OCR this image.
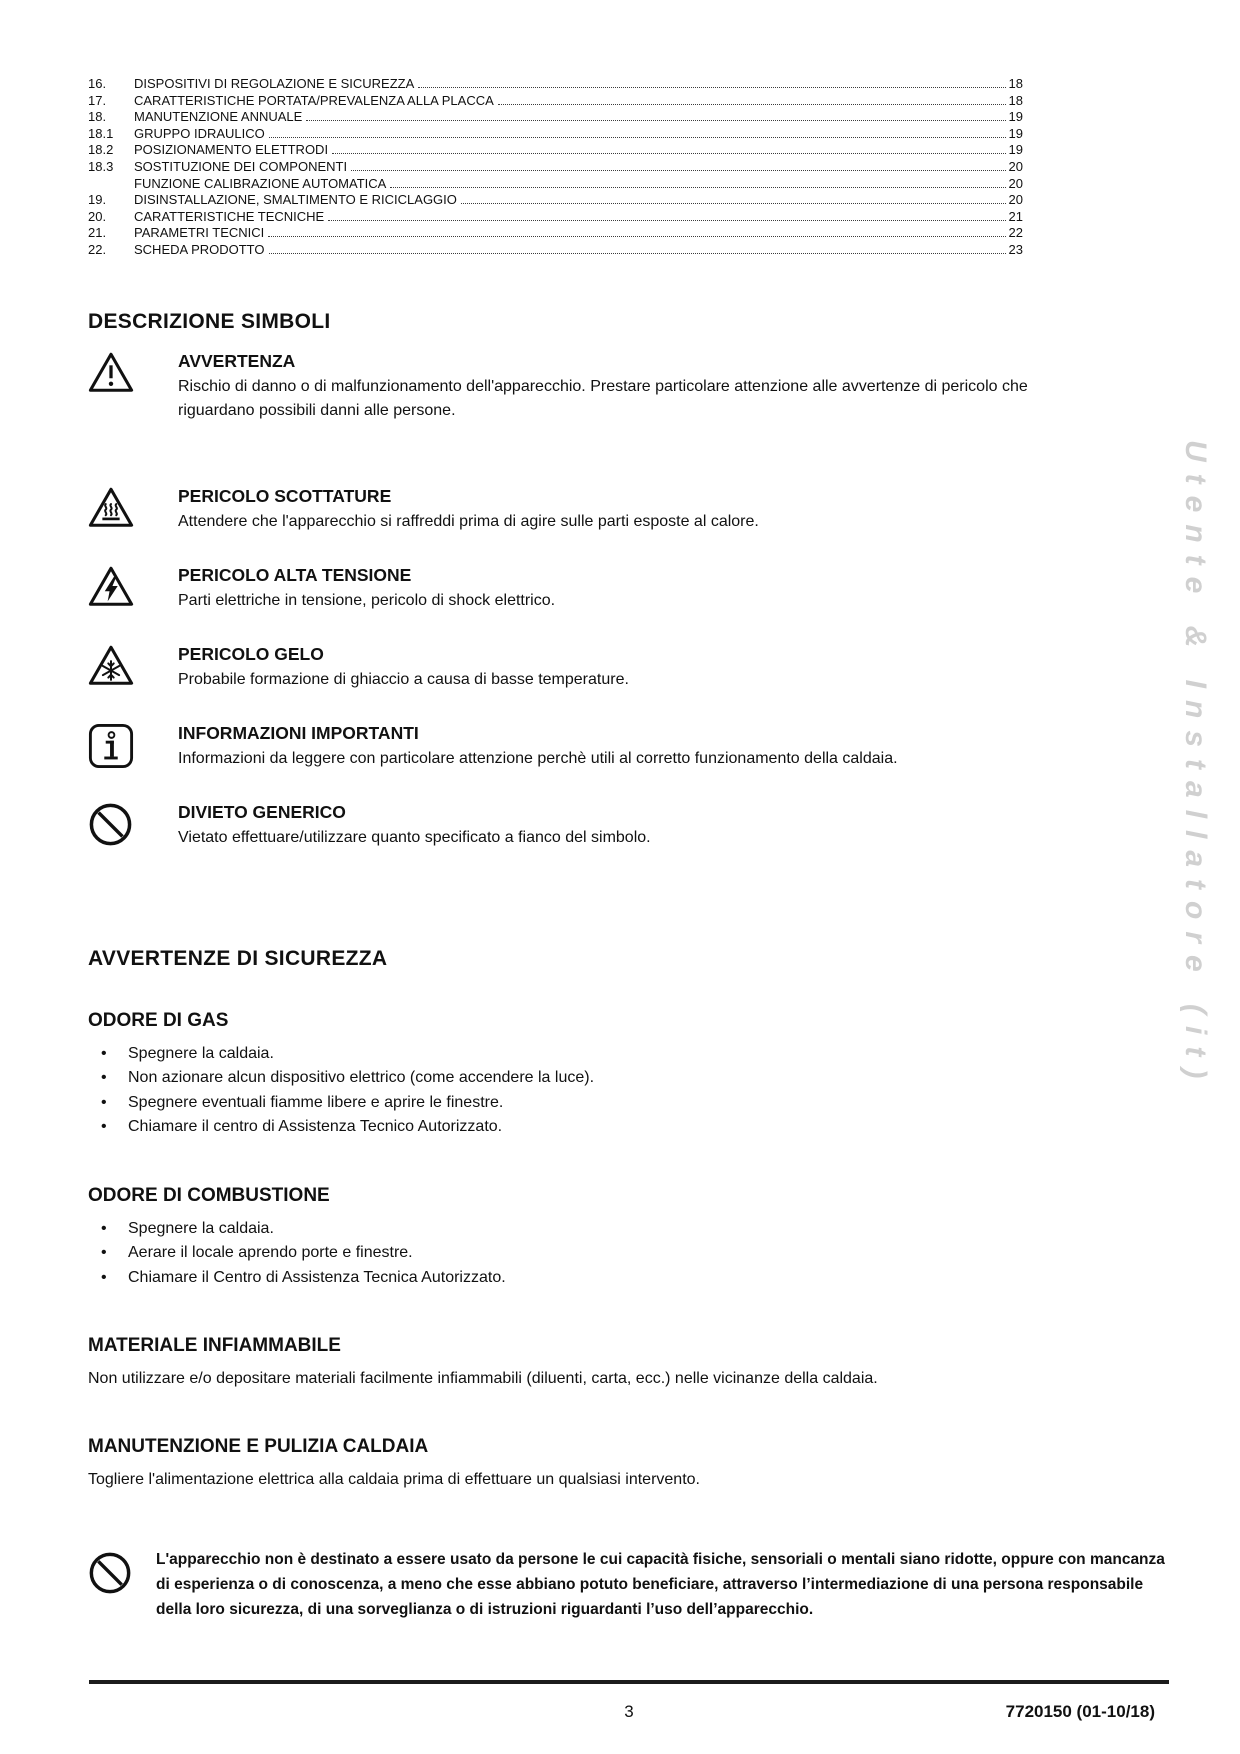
16.	DISPOSITIVI DI REGOLAZIONE E SICUREZZA	18
17.	CARATTERISTICHE PORTATA/PREVALENZA ALLA PLACCA	18
18.	MANUTENZIONE ANNUALE	19
18.1	GRUPPO IDRAULICO	19
18.2	POSIZIONAMENTO ELETTRODI	19
18.3	SOSTITUZIONE DEI COMPONENTI	20
FUNZIONE CALIBRAZIONE AUTOMATICA	20
19.	DISINSTALLAZIONE, SMALTIMENTO E RICICLAGGIO	20
20.	CARATTERISTICHE TECNICHE	21
21.	PARAMETRI TECNICI	22
22.	SCHEDA PRODOTTO	23
DESCRIZIONE SIMBOLI
AVVERTENZA
Rischio di danno o di malfunzionamento dell'apparecchio. Prestare particolare attenzione alle avvertenze di pericolo che riguardano possibili danni alle persone.
PERICOLO SCOTTATURE
Attendere che l'apparecchio si raffreddi prima di agire sulle parti esposte al calore.
PERICOLO ALTA TENSIONE
Parti elettriche in tensione, pericolo di shock elettrico.
PERICOLO GELO
Probabile formazione di ghiaccio a causa di basse temperature.
INFORMAZIONI IMPORTANTI
Informazioni da leggere con particolare attenzione perchè utili al corretto funzionamento della caldaia.
DIVIETO GENERICO
Vietato effettuare/utilizzare quanto specificato a fianco del simbolo.
AVVERTENZE DI SICUREZZA
ODORE DI GAS
•	Spegnere la caldaia.
•	Non azionare alcun dispositivo elettrico (come accendere la luce).
•	Spegnere eventuali fiamme libere e aprire le finestre.
•	Chiamare il centro di Assistenza Tecnico Autorizzato.
ODORE DI COMBUSTIONE
•	Spegnere la caldaia.
•	Aerare il locale aprendo porte e finestre.
•	Chiamare il Centro di Assistenza Tecnica Autorizzato.
MATERIALE INFIAMMABILE

Non utilizzare e/o depositare materiali facilmente infiammabili (diluenti, carta, ecc.) nelle vicinanze della caldaia.

MANUTENZIONE E PULIZIA CALDAIA

Togliere l'alimentazione elettrica alla caldaia prima di effettuare un qualsiasi intervento.

L'apparecchio non è destinato a essere usato da persone le cui capacità fisiche, sensoriali o mentali siano ridotte, oppure con mancanza di esperienza o di conoscenza, a meno che esse abbiano potuto beneficiare, attraverso l’intermediazione di una persona responsabile della loro sicurezza, di una sorveglianza o di istruzioni riguardanti l’uso dell’apparecchio.
3	7720150 (01-10/18)
Utente & Installatore (it)
